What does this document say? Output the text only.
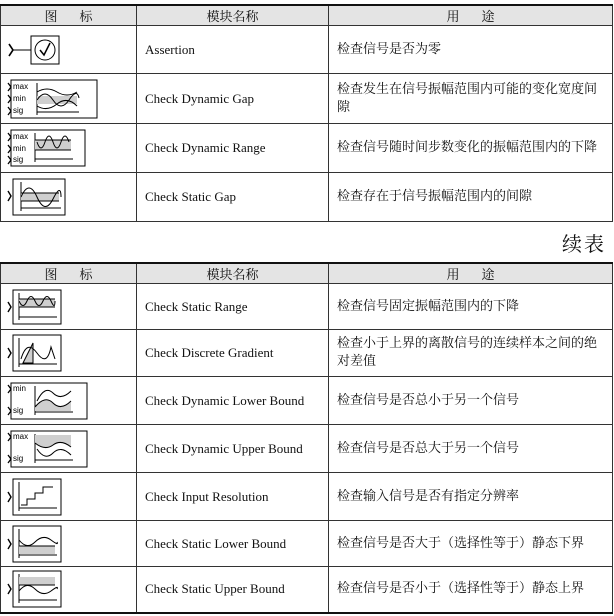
图 标	模块名称	用 途

	Assertion	检查信号是否为零

max
min
sig	Check Dynamic Gap	检查发生在信号振幅范围内可能的变化宽度间隙

max
min
sig	Check Dynamic Range	检查信号随时间步数变化的振幅范围内的下降

	Check Static Gap	检查存在于信号振幅范围内的间隙
续表
图 标	模块名称	用 途

	Check Static Range	检查信号固定振幅范围内的下降

	Check Discrete Gradient	检查小于上界的离散信号的连续样本之间的绝对差值

min
sig	Check Dynamic Lower Bound	检查信号是否总小于另一个信号

max
sig	Check Dynamic Upper Bound	检查信号是否总大于另一个信号

	Check Input Resolution	检查输入信号是否有指定分辨率

	Check Static Lower Bound	检查信号是否大于（选择性等于）静态下界

	Check Static Upper Bound	检查信号是否小于（选择性等于）静态上界
